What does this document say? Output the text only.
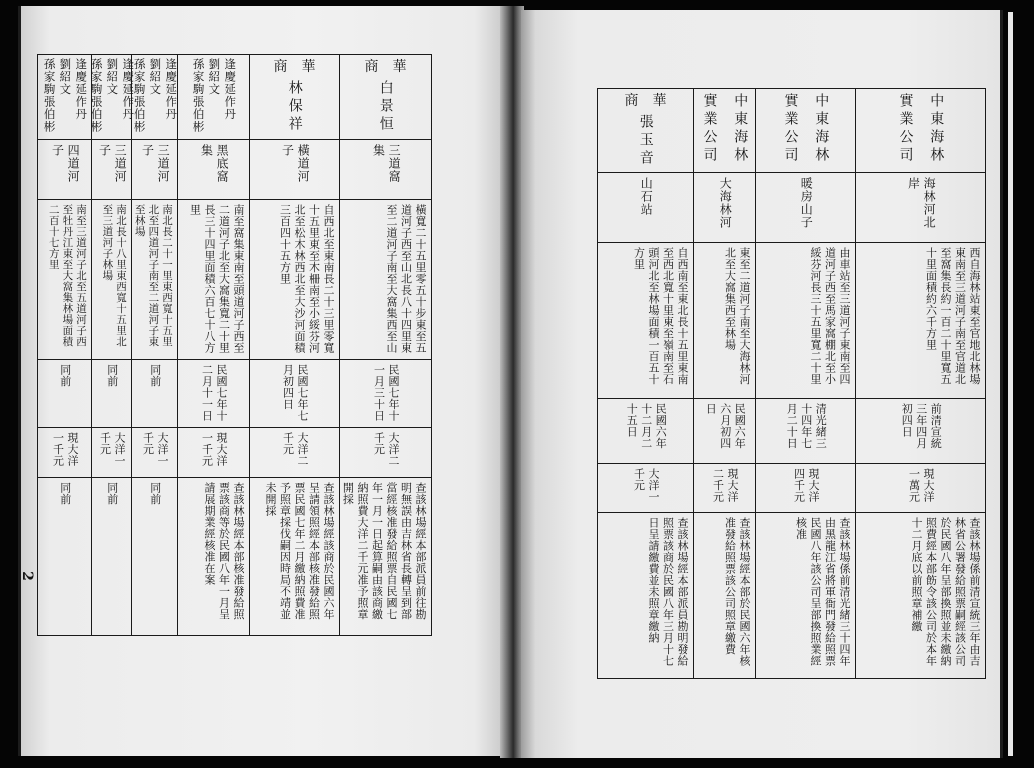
2
華商
白景恒
華商
林保祥
逢慶延作丹
劉紹文
孫家駒張伯彬
逢慶延作丹
劉紹文
孫家駒張伯彬
逢慶延作丹
劉紹文
孫家駒張伯彬
逢慶延作丹
劉紹文
孫家駒張伯彬
三道窩集
橫道河子
黑底窩集
三道河子
三道河子
四道河子
橫寬二十五里零五十步東至五道河子西至山北長八十四里東至二道河子南至大窩集西至山
自西北至東南長二十三里零寬十五里東至木柵南至小綏芬河北至松木林西北至大沙河面積三百四十五方里
南至窩集東南至頭道河子西至二道河子北至大窩集寬二十里長三十四里面積六百七十八方里
南北長二十一里東西寬十五里北至四道河子南至二道河子東至林場
南北長十八里東西寬十五里北至三道河子林場
南至三道河子北至五道河子西至牡丹江東至大窩集林場面積二百十七方里
民國七年十一月三十日
民國七年七月初四日
民國七年十二月十一日
同前
同前
同前
大洋二千元
大洋二千元
現大洋一千元
大洋一千元
大洋一千元
現大洋一千元
查該林場經本部派員前往勘明無誤由吉林省長轉呈到部當經核准發給照票自民國七年一月一日起算嗣由該商繳納照費大洋二千元准予照章開採
查該林場經該商於民國六年呈請領照經本部核准發給照票民國七年二月繳納照費准予照章採伐嗣因時局不靖並未開採
查該林場經本部核准發給照票該商等於民國八年一月呈請展期業經核准在案
同前
同前
同前
中東海林實業公司
中東海林實業公司
中東海林實業公司
華商
張玉音
海林河北岸
暖房山子
大海林河
山石站
西自海林站東至官地北林場東南至三道河子南至官道北至窩集長約一百二十里寬五十里面積約六千方里
由車站至三道河子東南至四道河子西至馬家窩棚北至小綏芬河長三十五里寬二十里
東至二道河子南至大海林河北至大窩集西至林場
自西南至東北長十五里東南至西北寬十里東至嶺南至石頭河北至林場面積一百五十方里
前清宣統三年四月初四日
清光緒三十四年七月二十日
民國六年六月初四日
民國六年十二月二十五日
現大洋一萬元
現大洋四千元
現大洋二千元
大洋一千元
查該林場係前清宣統三年由吉林省公署發給照票嗣經該公司於民國八年呈部換照並未繳納照費經本部飭令該公司於本年十二月底以前照章補繳
查該林場係前清光緒三十四年由黑龍江省將軍衙門發給照票民國八年該公司呈部換照業經核准
查該林場經本部於民國六年核准發給照票該公司照章繳費
查該林場經本部派員勘明發給照票該商於民國八年三月十七日呈請繳費並未照章繳納
